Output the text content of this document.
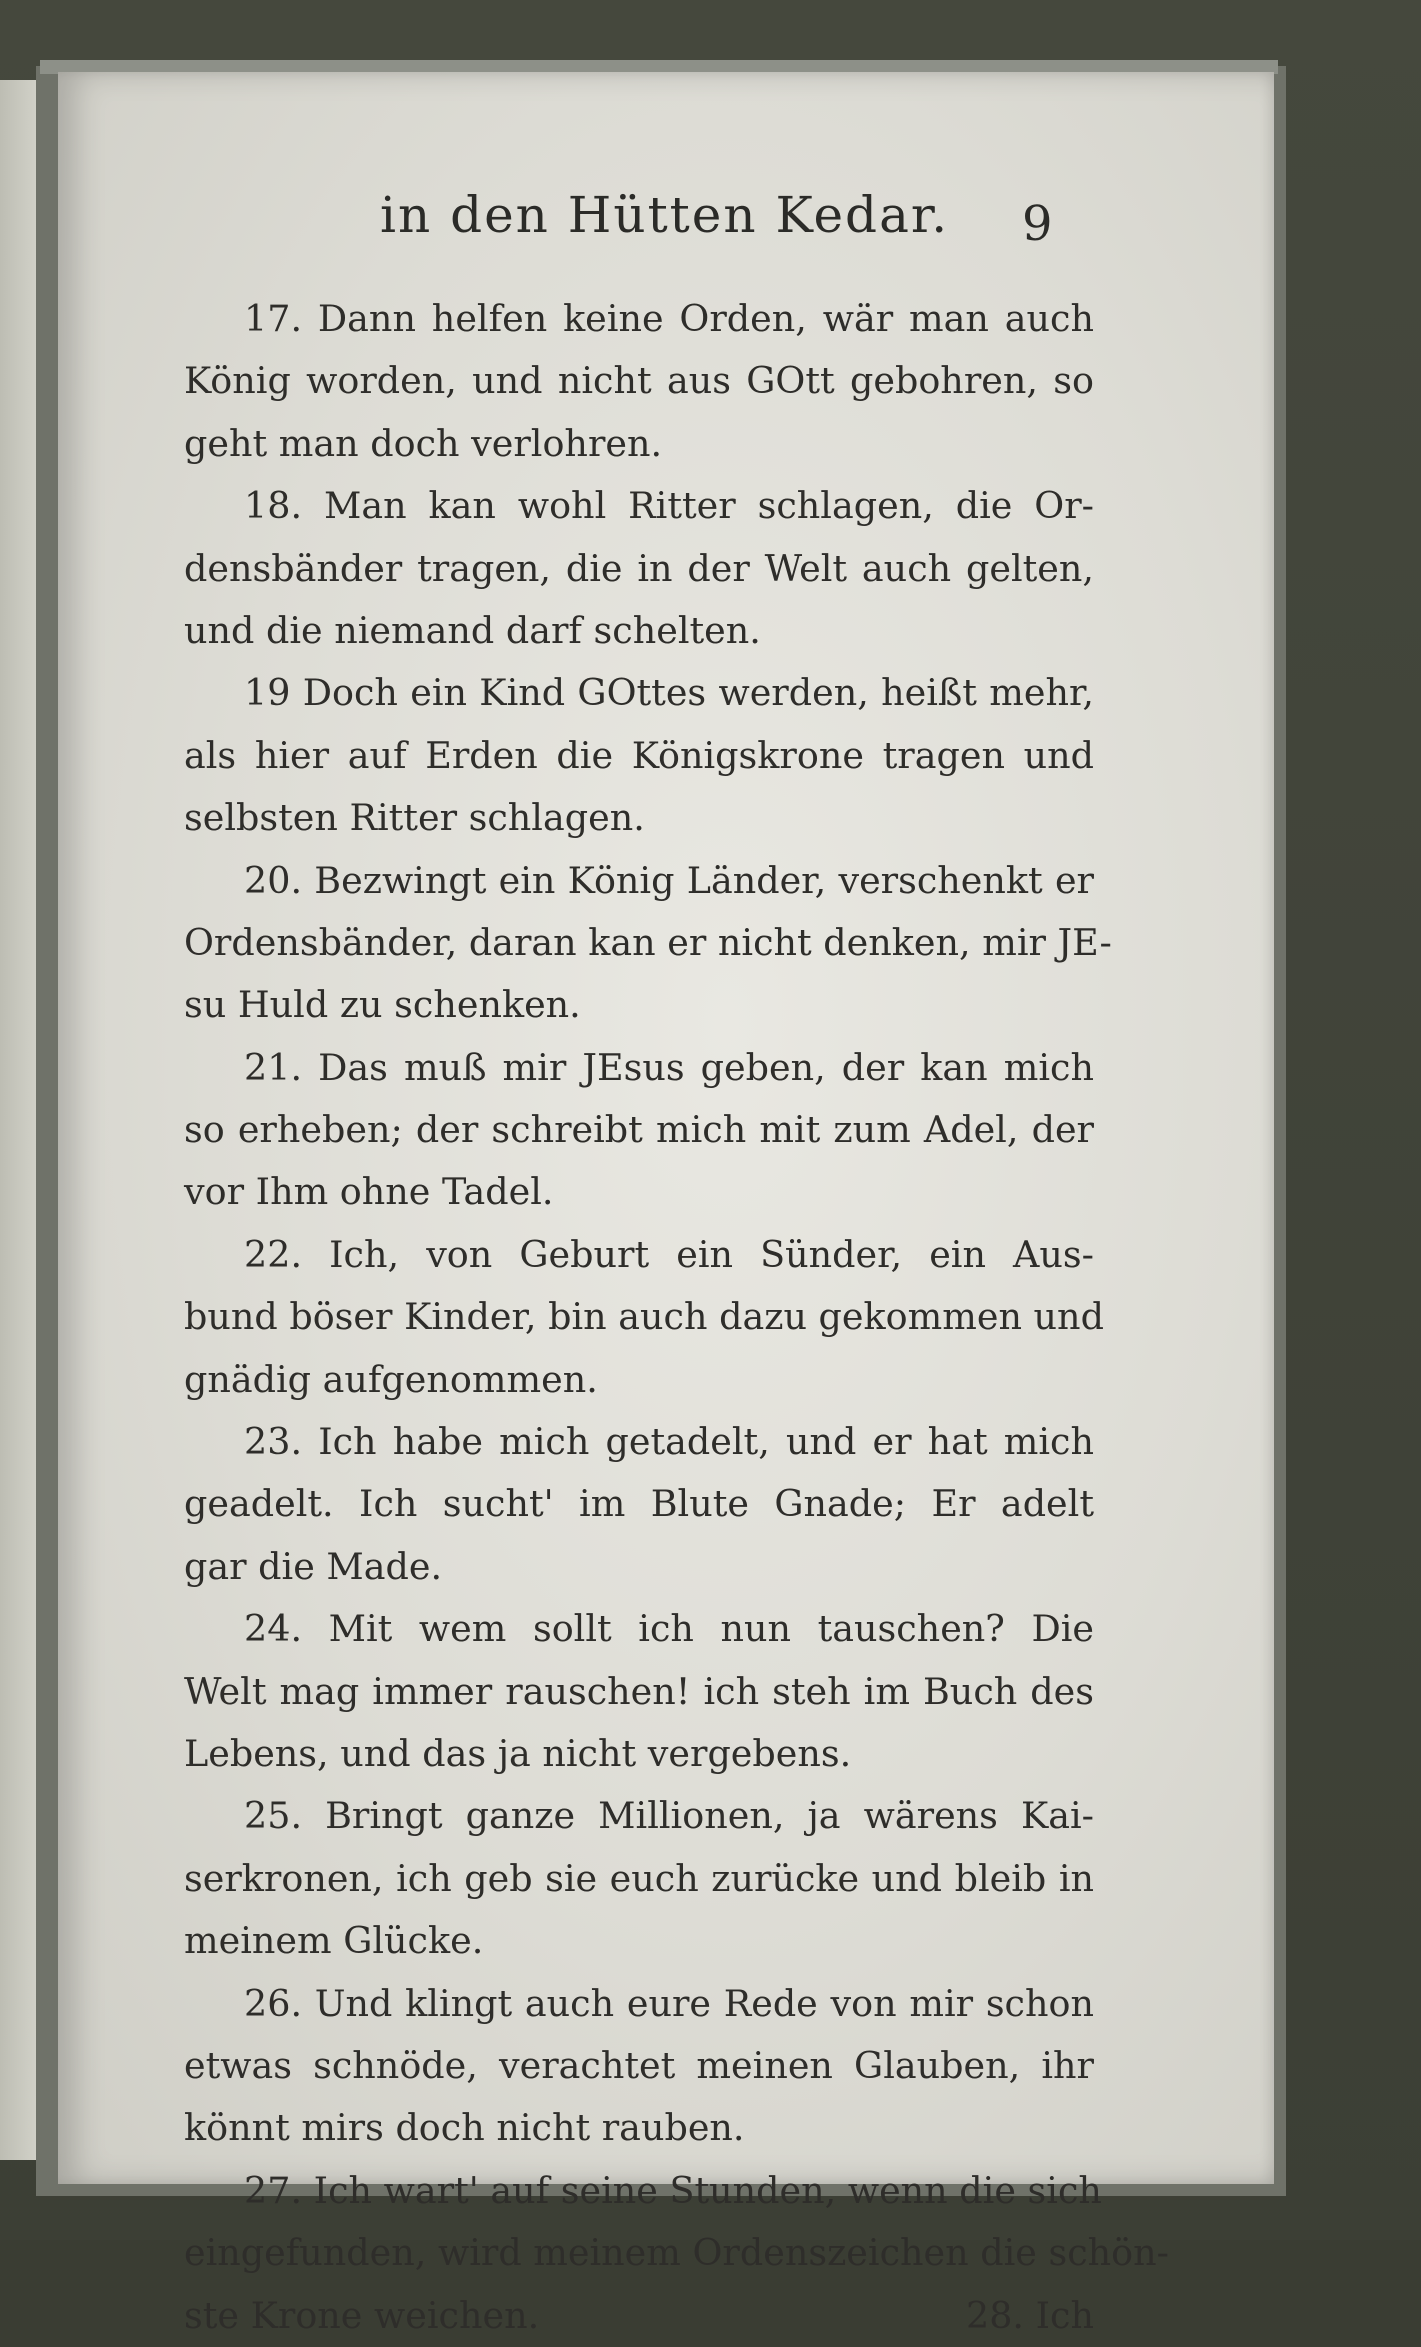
in den Hütten Kedar. 9
17. Dann helfen keine Orden, wär man auch
König worden, und nicht aus GOtt gebohren, so
geht man doch verlohren.
18. Man kan wohl Ritter schlagen, die Or-
densbänder tragen, die in der Welt auch gelten,
und die niemand darf schelten.
19 Doch ein Kind GOttes werden, heißt mehr,
als hier auf Erden die Königskrone tragen und
selbsten Ritter schlagen.
20. Bezwingt ein König Länder, verschenkt er
Ordensbänder, daran kan er nicht denken, mir JE-
su Huld zu schenken.
21. Das muß mir JEsus geben, der kan mich
so erheben; der schreibt mich mit zum Adel, der
vor Ihm ohne Tadel.
22. Ich, von Geburt ein Sünder, ein Aus-
bund böser Kinder, bin auch dazu gekommen und
gnädig aufgenommen.
23. Ich habe mich getadelt, und er hat mich
geadelt. Ich sucht' im Blute Gnade; Er adelt
gar die Made.
24. Mit wem sollt ich nun tauschen? Die
Welt mag immer rauschen! ich steh im Buch des
Lebens, und das ja nicht vergebens.
25. Bringt ganze Millionen, ja wärens Kai-
serkronen, ich geb sie euch zurücke und bleib in
meinem Glücke.
26. Und klingt auch eure Rede von mir schon
etwas schnöde, verachtet meinen Glauben, ihr
könnt mirs doch nicht rauben.
27. Ich wart' auf seine Stunden, wenn die sich
eingefunden, wird meinem Ordenszeichen die schön-
ste Krone weichen.	28. Ich
